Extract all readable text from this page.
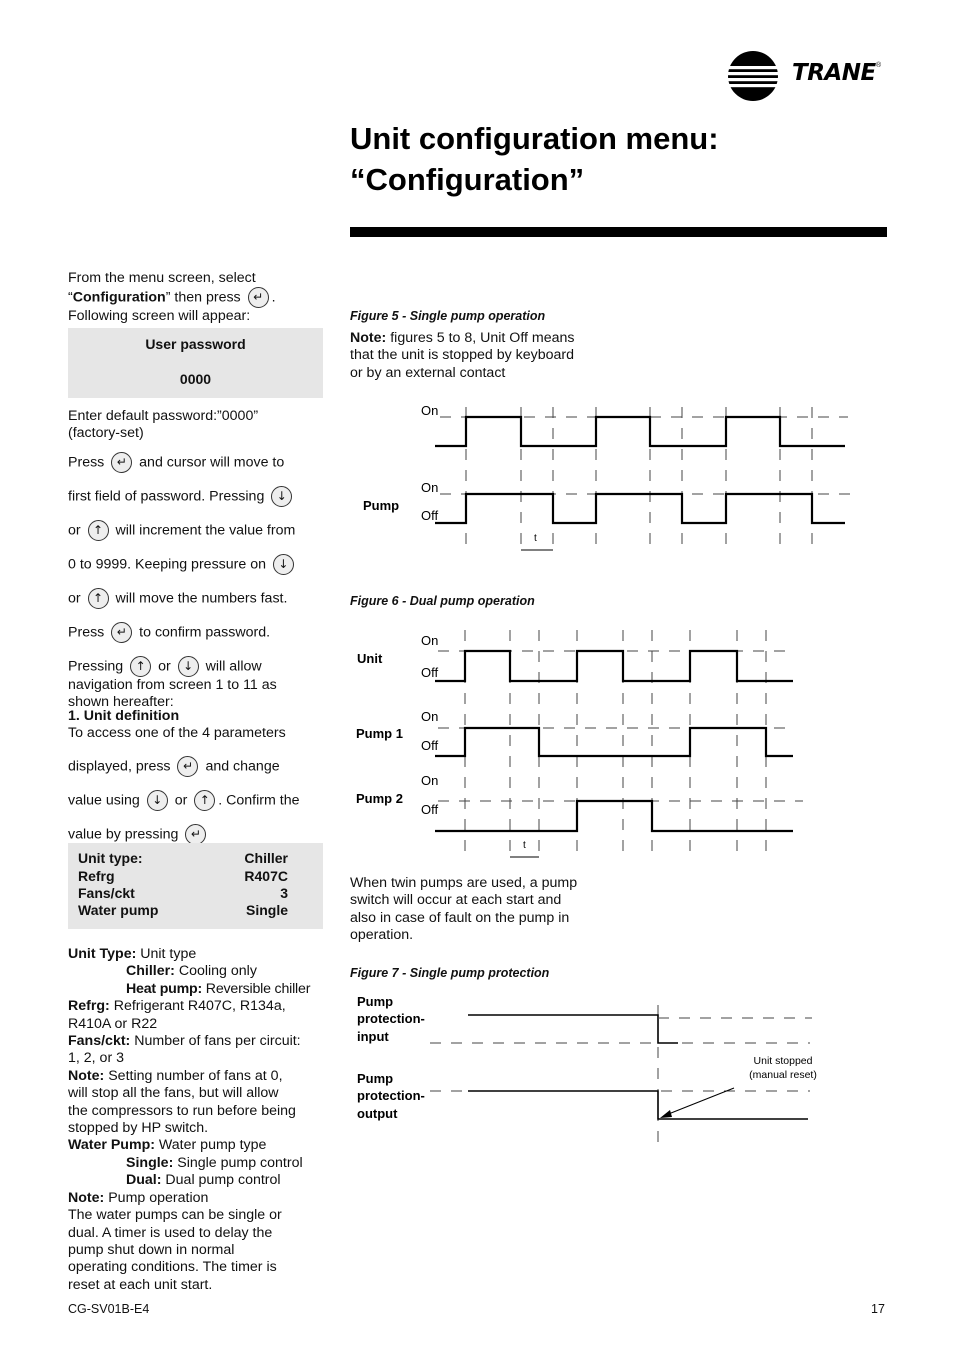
TRANE ®
Unit configuration menu:
“Configuration”
From the menu screen, select
“Configuration” then press ↵ .
Following screen will appear:
User password
0000
Enter default password:”0000”
(factory-set)
Press ↵ and cursor will move to
first field of password. Pressing ↓
or ↑ will increment the value from
0 to 9999. Keeping pressure on ↓
or ↑ will move the numbers fast.
Press ↵ to confirm password.
Pressing ↑ or ↓ will allow
navigation from screen 1 to 11 as
shown hereafter:
1. Unit definition
To access one of the 4 parameters
displayed, press ↵ and change
value using ↓ or ↑ . Confirm the
value by pressing ↵
Unit type:	Chiller
Refrg	R407C
Fans/ckt	3
Water pump	Single
Unit Type: Unit type
Chiller: Cooling only
Heat pump: Reversible chiller
Refrg: Refrigerant R407C, R134a,
R410A or R22
Fans/ckt: Number of fans per circuit:
1, 2, or 3
Note: Setting number of fans at 0,
will stop all the fans, but will allow
the compressors to run before being
stopped by HP switch.
Water Pump: Water pump type
Single: Single pump control
Dual: Dual pump control
Note: Pump operation
The water pumps can be single or
dual. A timer is used to delay the
pump shut down in normal
operating conditions. The timer is
reset at each unit start.
Figure 5 - Single pump operation
Note: figures 5 to 8, Unit Off means
that the unit is stopped by keyboard
or by an external contact
On
Pump
On
Off
t
Figure 6 - Dual pump operation
Unit
On
Off
Pump 1
On
Off
Pump 2
On
Off
t
When twin pumps are used, a pump
switch will occur at each start and
also in case of fault on the pump in
operation.
Figure 7 - Single pump protection
Pump
protection-
input
Pump
protection-
output
Unit stopped
(manual reset)
CG-SV01B-E4	17
